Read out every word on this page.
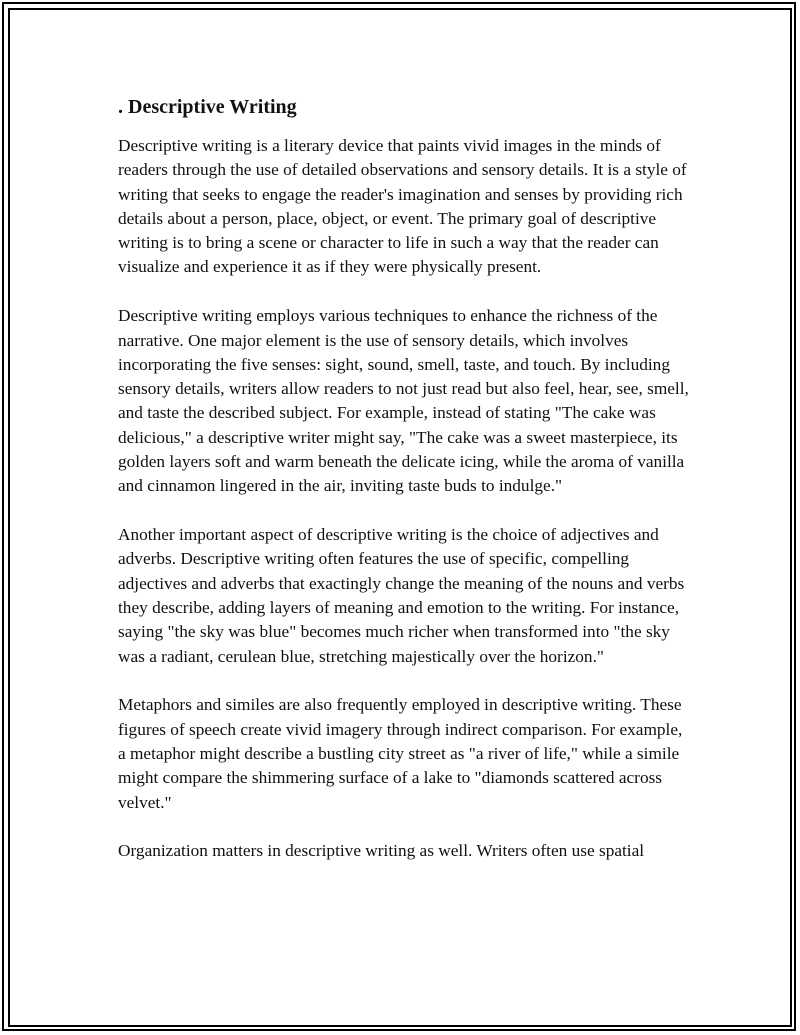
. Descriptive Writing

Descriptive writing is a literary device that paints vivid images in the minds of readers through the use of detailed observations and sensory details. It is a style of writing that seeks to engage the reader's imagination and senses by providing rich details about a person, place, object, or event. The primary goal of descriptive writing is to bring a scene or character to life in such a way that the reader can visualize and experience it as if they were physically present.

Descriptive writing employs various techniques to enhance the richness of the narrative. One major element is the use of sensory details, which involves incorporating the five senses: sight, sound, smell, taste, and touch. By including sensory details, writers allow readers to not just read but also feel, hear, see, smell, and taste the described subject. For example, instead of stating "The cake was delicious," a descriptive writer might say, "The cake was a sweet masterpiece, its golden layers soft and warm beneath the delicate icing, while the aroma of vanilla and cinnamon lingered in the air, inviting taste buds to indulge."

Another important aspect of descriptive writing is the choice of adjectives and adverbs. Descriptive writing often features the use of specific, compelling adjectives and adverbs that exactingly change the meaning of the nouns and verbs they describe, adding layers of meaning and emotion to the writing. For instance, saying "the sky was blue" becomes much richer when transformed into "the sky was a radiant, cerulean blue, stretching majestically over the horizon."

Metaphors and similes are also frequently employed in descriptive writing. These figures of speech create vivid imagery through indirect comparison. For example, a metaphor might describe a bustling city street as "a river of life," while a simile might compare the shimmering surface of a lake to "diamonds scattered across velvet."

Organization matters in descriptive writing as well. Writers often use spatial
